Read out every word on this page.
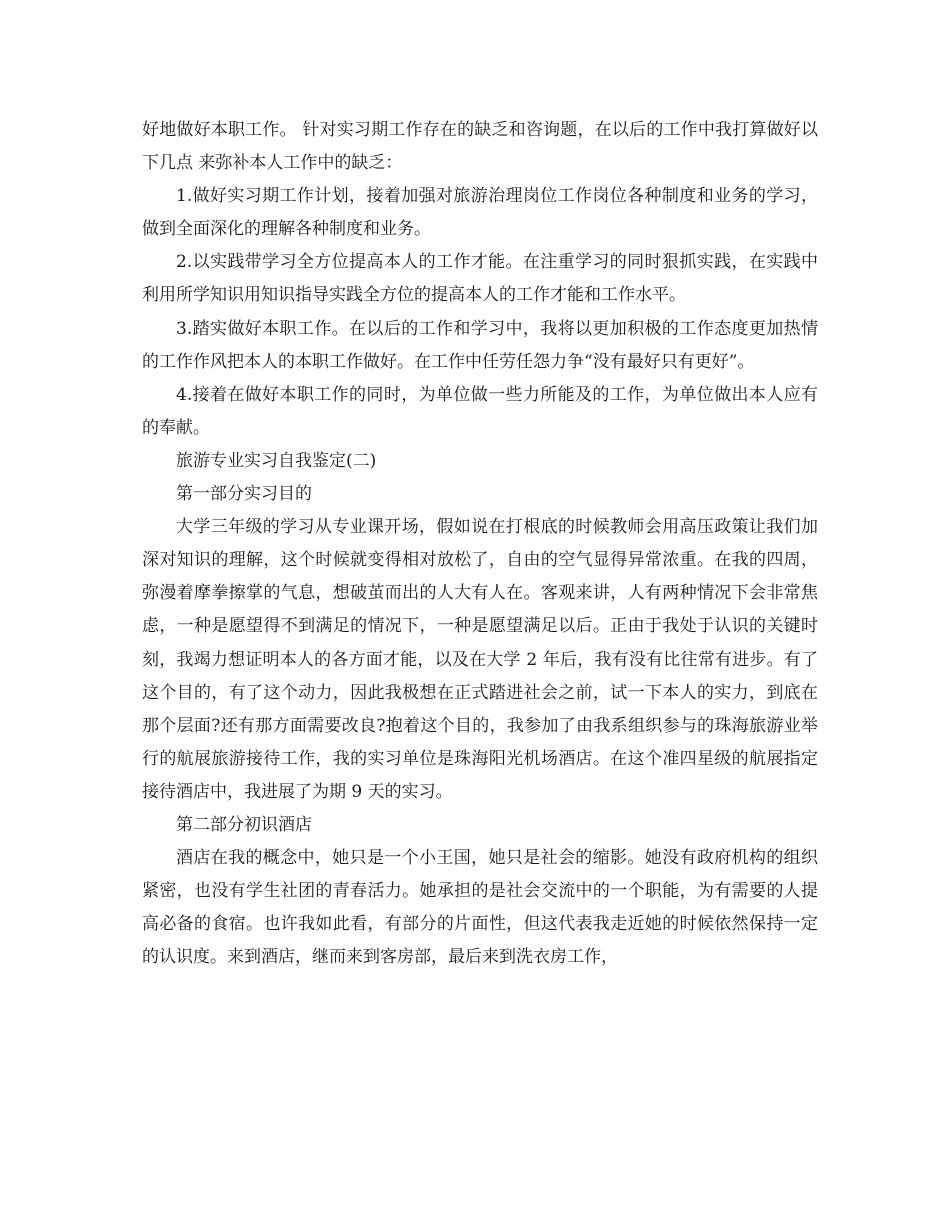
好地做好本职工作。 针对实习期工作存在的缺乏和咨询题，在以后的工作中我打算做好以下几点 来弥补本人工作中的缺乏：

1.做好实习期工作计划，接着加强对旅游治理岗位工作岗位各种制度和业务的学习，做到全面深化的理解各种制度和业务。

2.以实践带学习全方位提高本人的工作才能。在注重学习的同时狠抓实践，在实践中利用所学知识用知识指导实践全方位的提高本人的工作才能和工作水平。

3.踏实做好本职工作。在以后的工作和学习中，我将以更加积极的工作态度更加热情的工作作风把本人的本职工作做好。在工作中任劳任怨力争“没有最好只有更好”。

4.接着在做好本职工作的同时，为单位做一些力所能及的工作，为单位做出本人应有的奉献。

旅游专业实习自我鉴定(二)

第一部分实习目的

大学三年级的学习从专业课开场，假如说在打根底的时候教师会用高压政策让我们加深对知识的理解，这个时候就变得相对放松了，自由的空气显得异常浓重。在我的四周，弥漫着摩拳擦掌的气息，想破茧而出的人大有人在。客观来讲，人有两种情况下会非常焦虑，一种是愿望得不到满足的情况下，一种是愿望满足以后。正由于我处于认识的关键时刻，我竭力想证明本人的各方面才能，以及在大学 2 年后，我有没有比往常有进步。有了这个目的，有了这个动力，因此我极想在正式踏进社会之前，试一下本人的实力，到底在那个层面?还有那方面需要改良?抱着这个目的，我参加了由我系组织参与的珠海旅游业举行的航展旅游接待工作，我的实习单位是珠海阳光机场酒店。在这个准四星级的航展指定接待酒店中，我进展了为期 9 天的实习。

第二部分初识酒店

酒店在我的概念中，她只是一个小王国，她只是社会的缩影。她没有政府机构的组织紧密，也没有学生社团的青春活力。她承担的是社会交流中的一个职能，为有需要的人提高必备的食宿。也许我如此看，有部分的片面性，但这代表我走近她的时候依然保持一定的认识度。来到酒店，继而来到客房部，最后来到洗衣房工作，
